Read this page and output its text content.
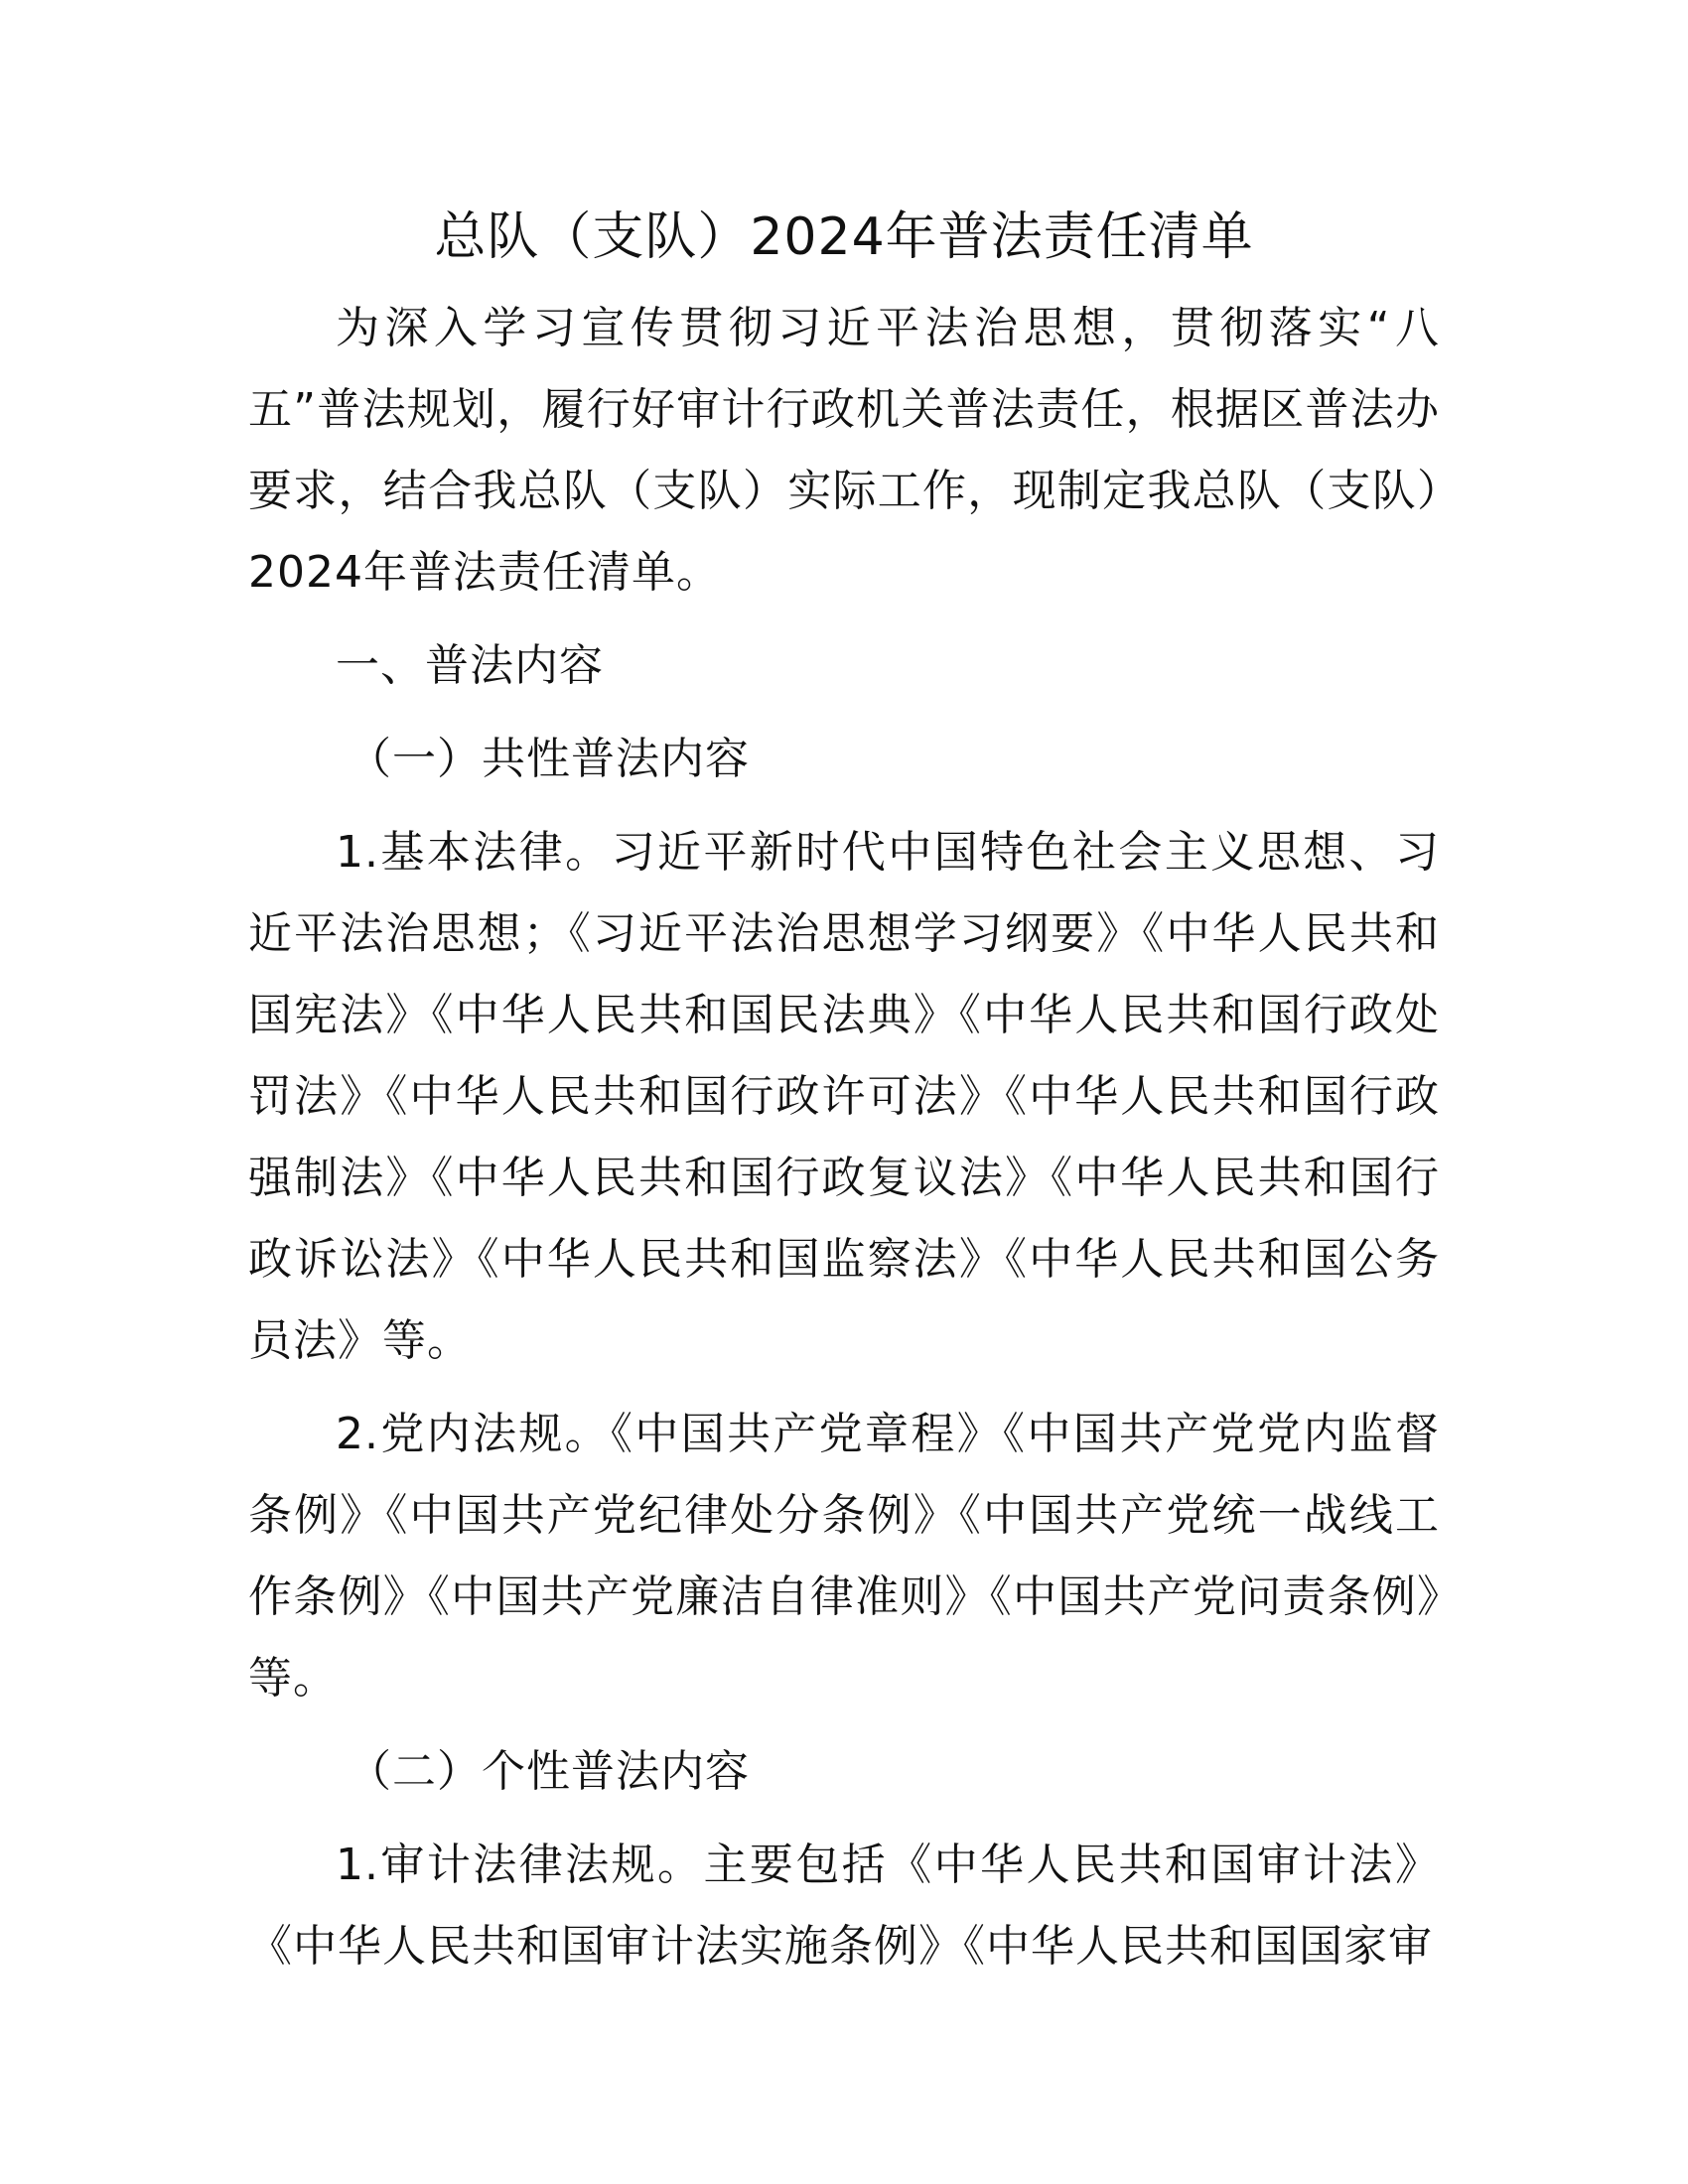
总队（支队）2024年普法责任清单

为深入学习宣传贯彻习近平法治思想，贯彻落实“八五”普法规划，履行好审计行政机关普法责任，根据区普法办要求，结合我总队（支队）实际工作，现制定我总队（支队）2024年普法责任清单。

一、普法内容

（一）共性普法内容

1.基本法律。习近平新时代中国特色社会主义思想、习近平法治思想；《习近平法治思想学习纲要》《中华人民共和国宪法》《中华人民共和国民法典》《中华人民共和国行政处罚法》《中华人民共和国行政许可法》《中华人民共和国行政强制法》《中华人民共和国行政复议法》《中华人民共和国行政诉讼法》《中华人民共和国监察法》《中华人民共和国公务员法》等。

2.党内法规。《中国共产党章程》《中国共产党党内监督条例》《中国共产党纪律处分条例》《中国共产党统一战线工作条例》《中国共产党廉洁自律准则》《中国共产党问责条例》等。

（二）个性普法内容

1.审计法律法规。主要包括《中华人民共和国审计法》《中华人民共和国审计法实施条例》《中华人民共和国国家审
